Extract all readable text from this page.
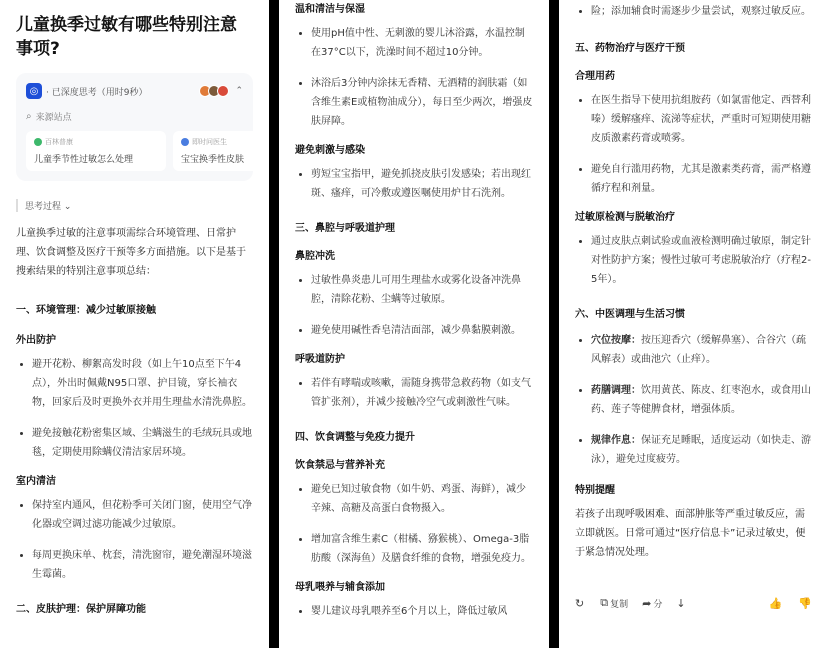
儿童换季过敏有哪些特别注意事项?
◎ · 已深度思考（用时9秒）	⌃
⌕ 来源站点
百林普康
儿童季节性过敏怎么处理
即时问医生
宝宝换季性皮肤
思考过程 ⌄

儿童换季过敏的注意事项需综合环境管理、日常护理、饮食调整及医疗干预等多方面措施。以下是基于搜索结果的特别注意事项总结：

一、环境管理：减少过敏原接触
外出防护
避开花粉、柳絮高发时段（如上午10点至下午4点），外出时佩戴N95口罩、护目镜，穿长袖衣物，回家后及时更换外衣并用生理盐水清洗鼻腔。
避免接触花粉密集区域、尘螨滋生的毛绒玩具或地毯，定期使用除螨仪清洁家居环境。
室内清洁
保持室内通风，但花粉季可关闭门窗，使用空气净化器或空调过滤功能减少过敏原。
每周更换床单、枕套，清洗窗帘，避免潮湿环境滋生霉菌。
二、皮肤护理：保护屏障功能
温和清洁与保湿
使用pH值中性、无刺激的婴儿沐浴露，水温控制在37°C以下，洗澡时间不超过10分钟。
沐浴后3分钟内涂抹无香精、无酒精的润肤霜（如含维生素E或植物油成分），每日至少两次，增强皮肤屏障。
避免刺激与感染
剪短宝宝指甲，避免抓挠皮肤引发感染；若出现红斑、瘙痒，可冷敷或遵医嘱使用炉甘石洗剂。
三、鼻腔与呼吸道护理
鼻腔冲洗
过敏性鼻炎患儿可用生理盐水或雾化设备冲洗鼻腔，清除花粉、尘螨等过敏原。
避免使用碱性香皂清洁面部，减少鼻黏膜刺激。
呼吸道防护
若伴有哮喘或咳嗽，需随身携带急救药物（如支气管扩张剂），并减少接触冷空气或刺激性气味。
四、饮食调整与免疫力提升
饮食禁忌与营养补充
避免已知过敏食物（如牛奶、鸡蛋、海鲜），减少辛辣、高糖及高蛋白食物摄入。
增加富含维生素C（柑橘、猕猴桃）、Omega-3脂肪酸（深海鱼）及膳食纤维的食物，增强免疫力。
母乳喂养与辅食添加
婴儿建议母乳喂养至6个月以上，降低过敏风
险；添加辅食时需逐步少量尝试，观察过敏反应。
五、药物治疗与医疗干预
合理用药
在医生指导下使用抗组胺药（如氯雷他定、西替利嗪）缓解瘙痒、流涕等症状，严重时可短期使用糖皮质激素药膏或喷雾。
避免自行滥用药物，尤其是激素类药膏，需严格遵循疗程和剂量。
过敏原检测与脱敏治疗
通过皮肤点刺试验或血液检测明确过敏原，制定针对性防护方案；慢性过敏可考虑脱敏治疗（疗程2-5年）。
六、中医调理与生活习惯
穴位按摩：按压迎香穴（缓解鼻塞）、合谷穴（疏风解表）或曲池穴（止痒）。
药膳调理：饮用黄芪、陈皮、红枣泡水，或食用山药、莲子等健脾食材，增强体质。
规律作息：保证充足睡眠，适度运动（如快走、游泳），避免过度疲劳。
特别提醒

若孩子出现呼吸困难、面部肿胀等严重过敏反应，需立即就医。日常可通过“医疗信息卡”记录过敏史，便于紧急情况处理。

↻ ⧉ 复制 ➦ 分 ↓	👍 👎
